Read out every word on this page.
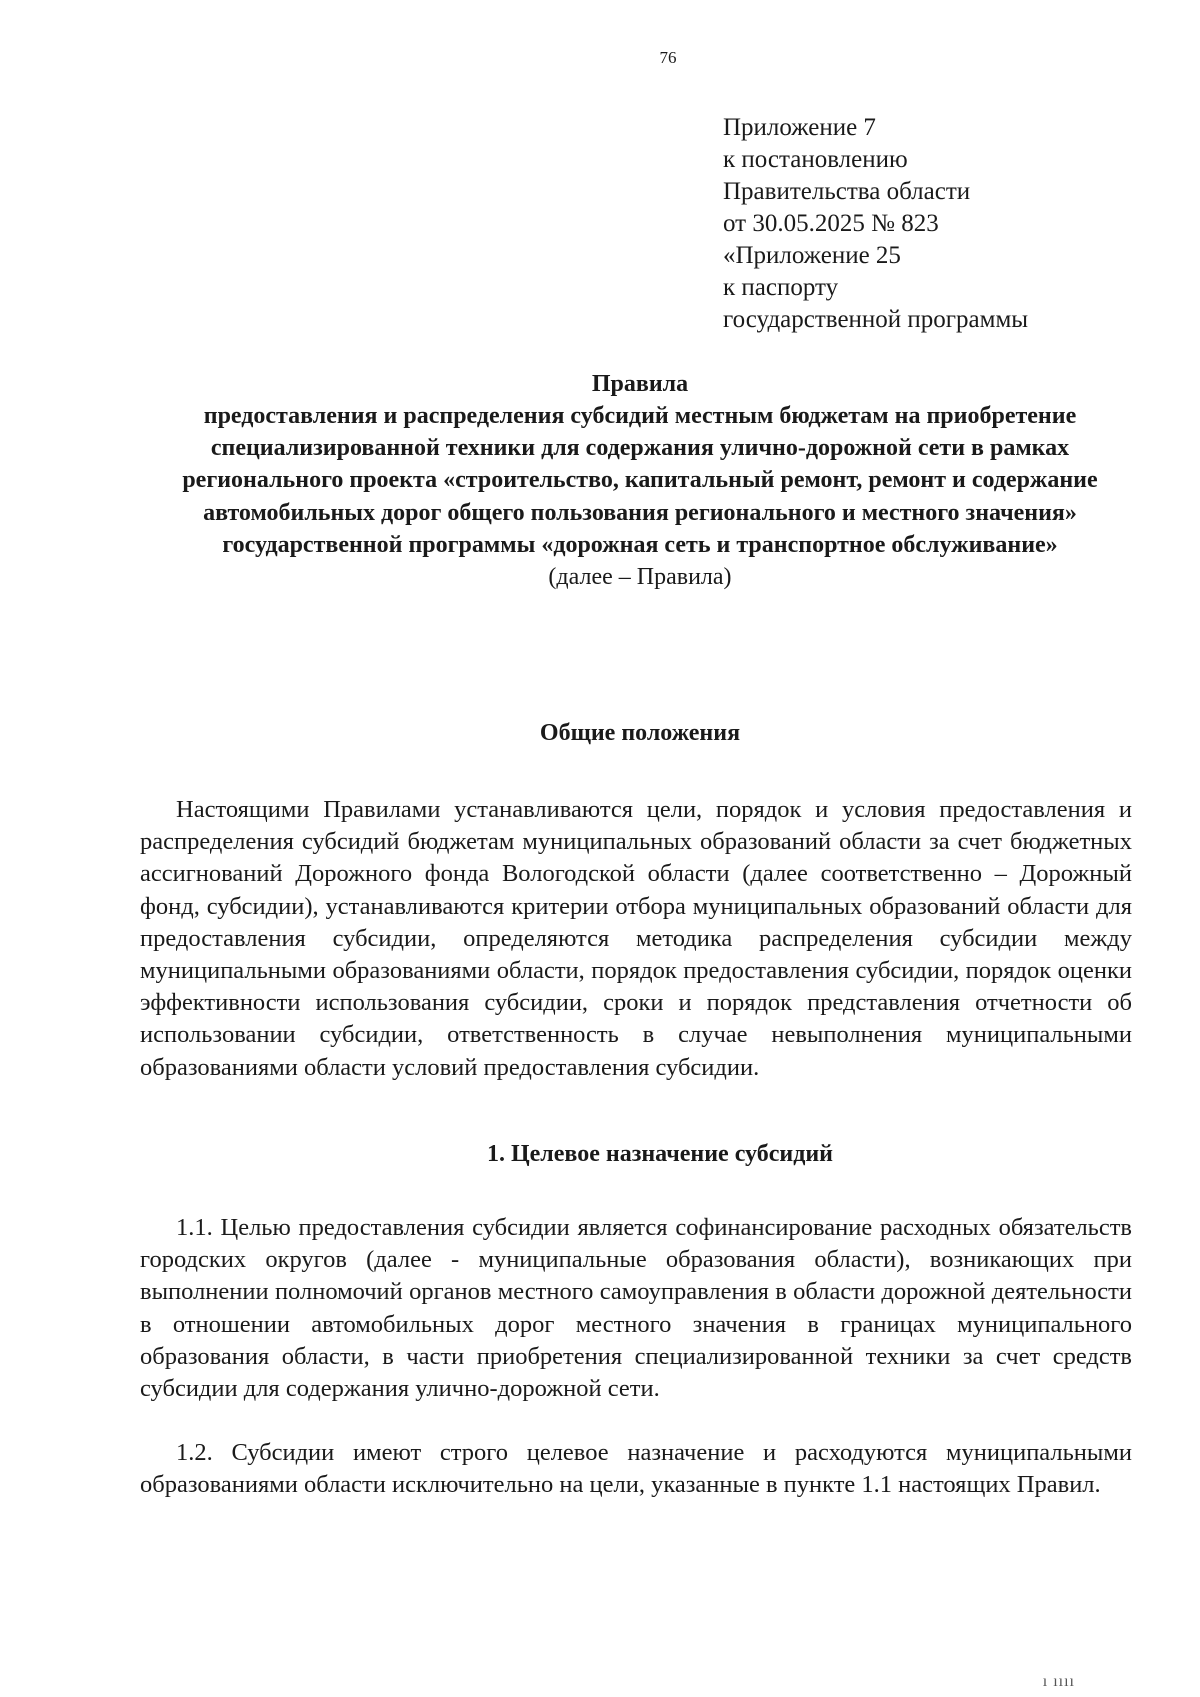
76
Приложение 7
к постановлению
Правительства области
от 30.05.2025 № 823
«Приложение 25
к паспорту
государственной программы
Правила
предоставления и распределения субсидий местным бюджетам на приобретение специализированной техники для содержания улично-дорожной сети в рамках регионального проекта «строительство, капитальный ремонт, ремонт и содержание автомобильных дорог общего пользования регионального и местного значения» государственной программы «дорожная сеть и транспортное обслуживание»
(далее – Правила)
Общие положения
Настоящими Правилами устанавливаются цели, порядок и условия предоставления и распределения субсидий бюджетам муниципальных образований области за счет бюджетных ассигнований Дорожного фонда Вологодской области (далее соответственно – Дорожный фонд, субсидии), устанавливаются критерии отбора муниципальных образований области для предоставления субсидии, определяются методика распределения субсидии между муниципальными образованиями области, порядок предоставления субсидии, порядок оценки эффективности использования субсидии, сроки и порядок представления отчетности об использовании субсидии, ответственность в случае невыполнения муниципальными образованиями области условий предоставления субсидии.
1. Целевое назначение субсидий
1.1. Целью предоставления субсидии является софинансирование расходных обязательств городских округов (далее - муниципальные образования области), возникающих при выполнении полномочий органов местного самоуправления в области дорожной деятельности в отношении автомобильных дорог местного значения в границах муниципального образования области, в части приобретения специализированной техники за счет средств субсидии для содержания улично-дорожной сети.
1.2. Субсидии имеют строго целевое назначение и расходуются муниципальными образованиями области исключительно на цели, указанные в пункте 1.1 настоящих Правил.
ı ıııı
